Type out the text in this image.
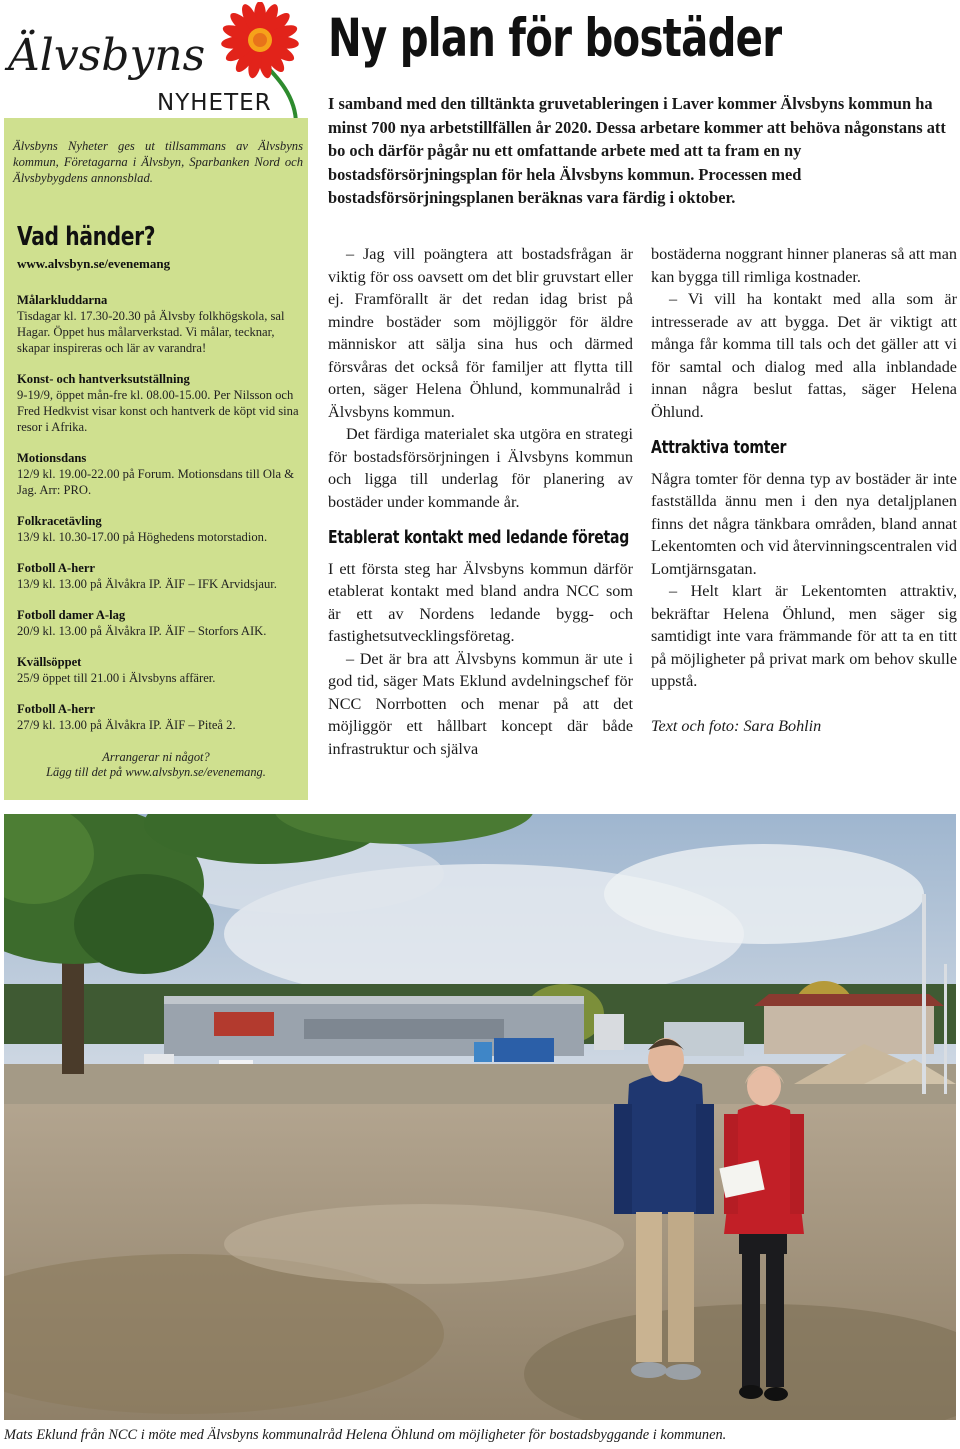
Älvsbyns
NYHETER
Älvsbyns Nyheter ges ut tillsammans av Älvsbyns kommun, Företagarna i Älvsbyn, Sparbanken Nord och Älvsbybygdens annonsblad.
Vad händer?
www.alvsbyn.se/evenemang
Målarkluddarna
Tisdagar kl. 17.30-20.30 på Älvsby folkhögskola, sal Hagar. Öppet hus målarverkstad. Vi målar, tecknar, skapar inspireras och lär av varandra!
Konst- och hantverksutställning
9-19/9, öppet mån-fre kl. 08.00-15.00. Per Nilsson och Fred Hedkvist visar konst och hantverk de köpt vid sina resor i Afrika.
Motionsdans
12/9 kl. 19.00-22.00 på Forum. Motionsdans till Ola & Jag. Arr: PRO.
Folkracetävling
13/9 kl. 10.30-17.00 på Höghedens motorstadion.
Fotboll A-herr
13/9 kl. 13.00 på Älvåkra IP. ÄIF – IFK Arvidsjaur.
Fotboll damer A-lag
20/9 kl. 13.00 på Älvåkra IP. ÄIF – Storfors AIK.
Kvällsöppet
25/9 öppet till 21.00 i Älvsbyns affärer.
Fotboll A-herr
27/9 kl. 13.00 på Älvåkra IP. ÄIF – Piteå 2.
Arrangerar ni något?
Lägg till det på www.alvsbyn.se/evenemang.
Ny plan för bostäder
I samband med den tilltänkta gruvetableringen i Laver kommer Älvsbyns kommun ha minst 700 nya arbetstillfällen år 2020. Dessa arbetare kommer att behöva någonstans att bo och därför pågår nu ett omfattande arbete med att ta fram en ny bostadsförsörjningsplan för hela Älvsbyns kommun. Processen med bostadsförsörjningsplanen beräknas vara färdig i oktober.

– Jag vill poängtera att bostadsfrågan är viktig för oss oavsett om det blir gruvstart eller ej. Framförallt är det redan idag brist på mindre bostäder som möjliggör för äldre människor att sälja sina hus och därmed försvåras det också för familjer att flytta till orten, säger Helena Öhlund, kommunalråd i Älvsbyns kommun.

Det färdiga materialet ska utgöra en strategi för bostadsförsörjningen i Älvsbyns kommun och ligga till underlag för planering av bostäder under kommande år.

Etablerat kontakt med ledande företag

I ett första steg har Älvsbyns kommun därför etablerat kontakt med bland andra NCC som är ett av Nordens ledande bygg- och fastighetsutvecklingsföretag.

– Det är bra att Älvsbyns kommun är ute i god tid, säger Mats Eklund avdelningschef för NCC Norrbotten och menar på att det möjliggör ett hållbart koncept där både infrastruktur och själva

bostäderna noggrant hinner planeras så att man kan bygga till rimliga kostnader.

– Vi vill ha kontakt med alla som är intresserade av att bygga. Det är viktigt att många får komma till tals och det gäller att vi för samtal och dialog med alla inblandade innan några beslut fattas, säger Helena Öhlund.

Attraktiva tomter

Några tomter för denna typ av bostäder är inte fastställda ännu men i den nya detaljplanen finns det några tänkbara områden, bland annat Lekentomten och vid återvinningscentralen vid Lomtjärnsgatan.

– Helt klart är Lekentomten attraktiv, bekräftar Helena Öhlund, men säger sig samtidigt inte vara främmande för att ta en titt på möjligheter på privat mark om behov skulle uppstå.

Text och foto: Sara Bohlin

Mats Eklund från NCC i möte med Älvsbyns kommunalråd Helena Öhlund om möjligheter för bostadsbyggande i kommunen.
